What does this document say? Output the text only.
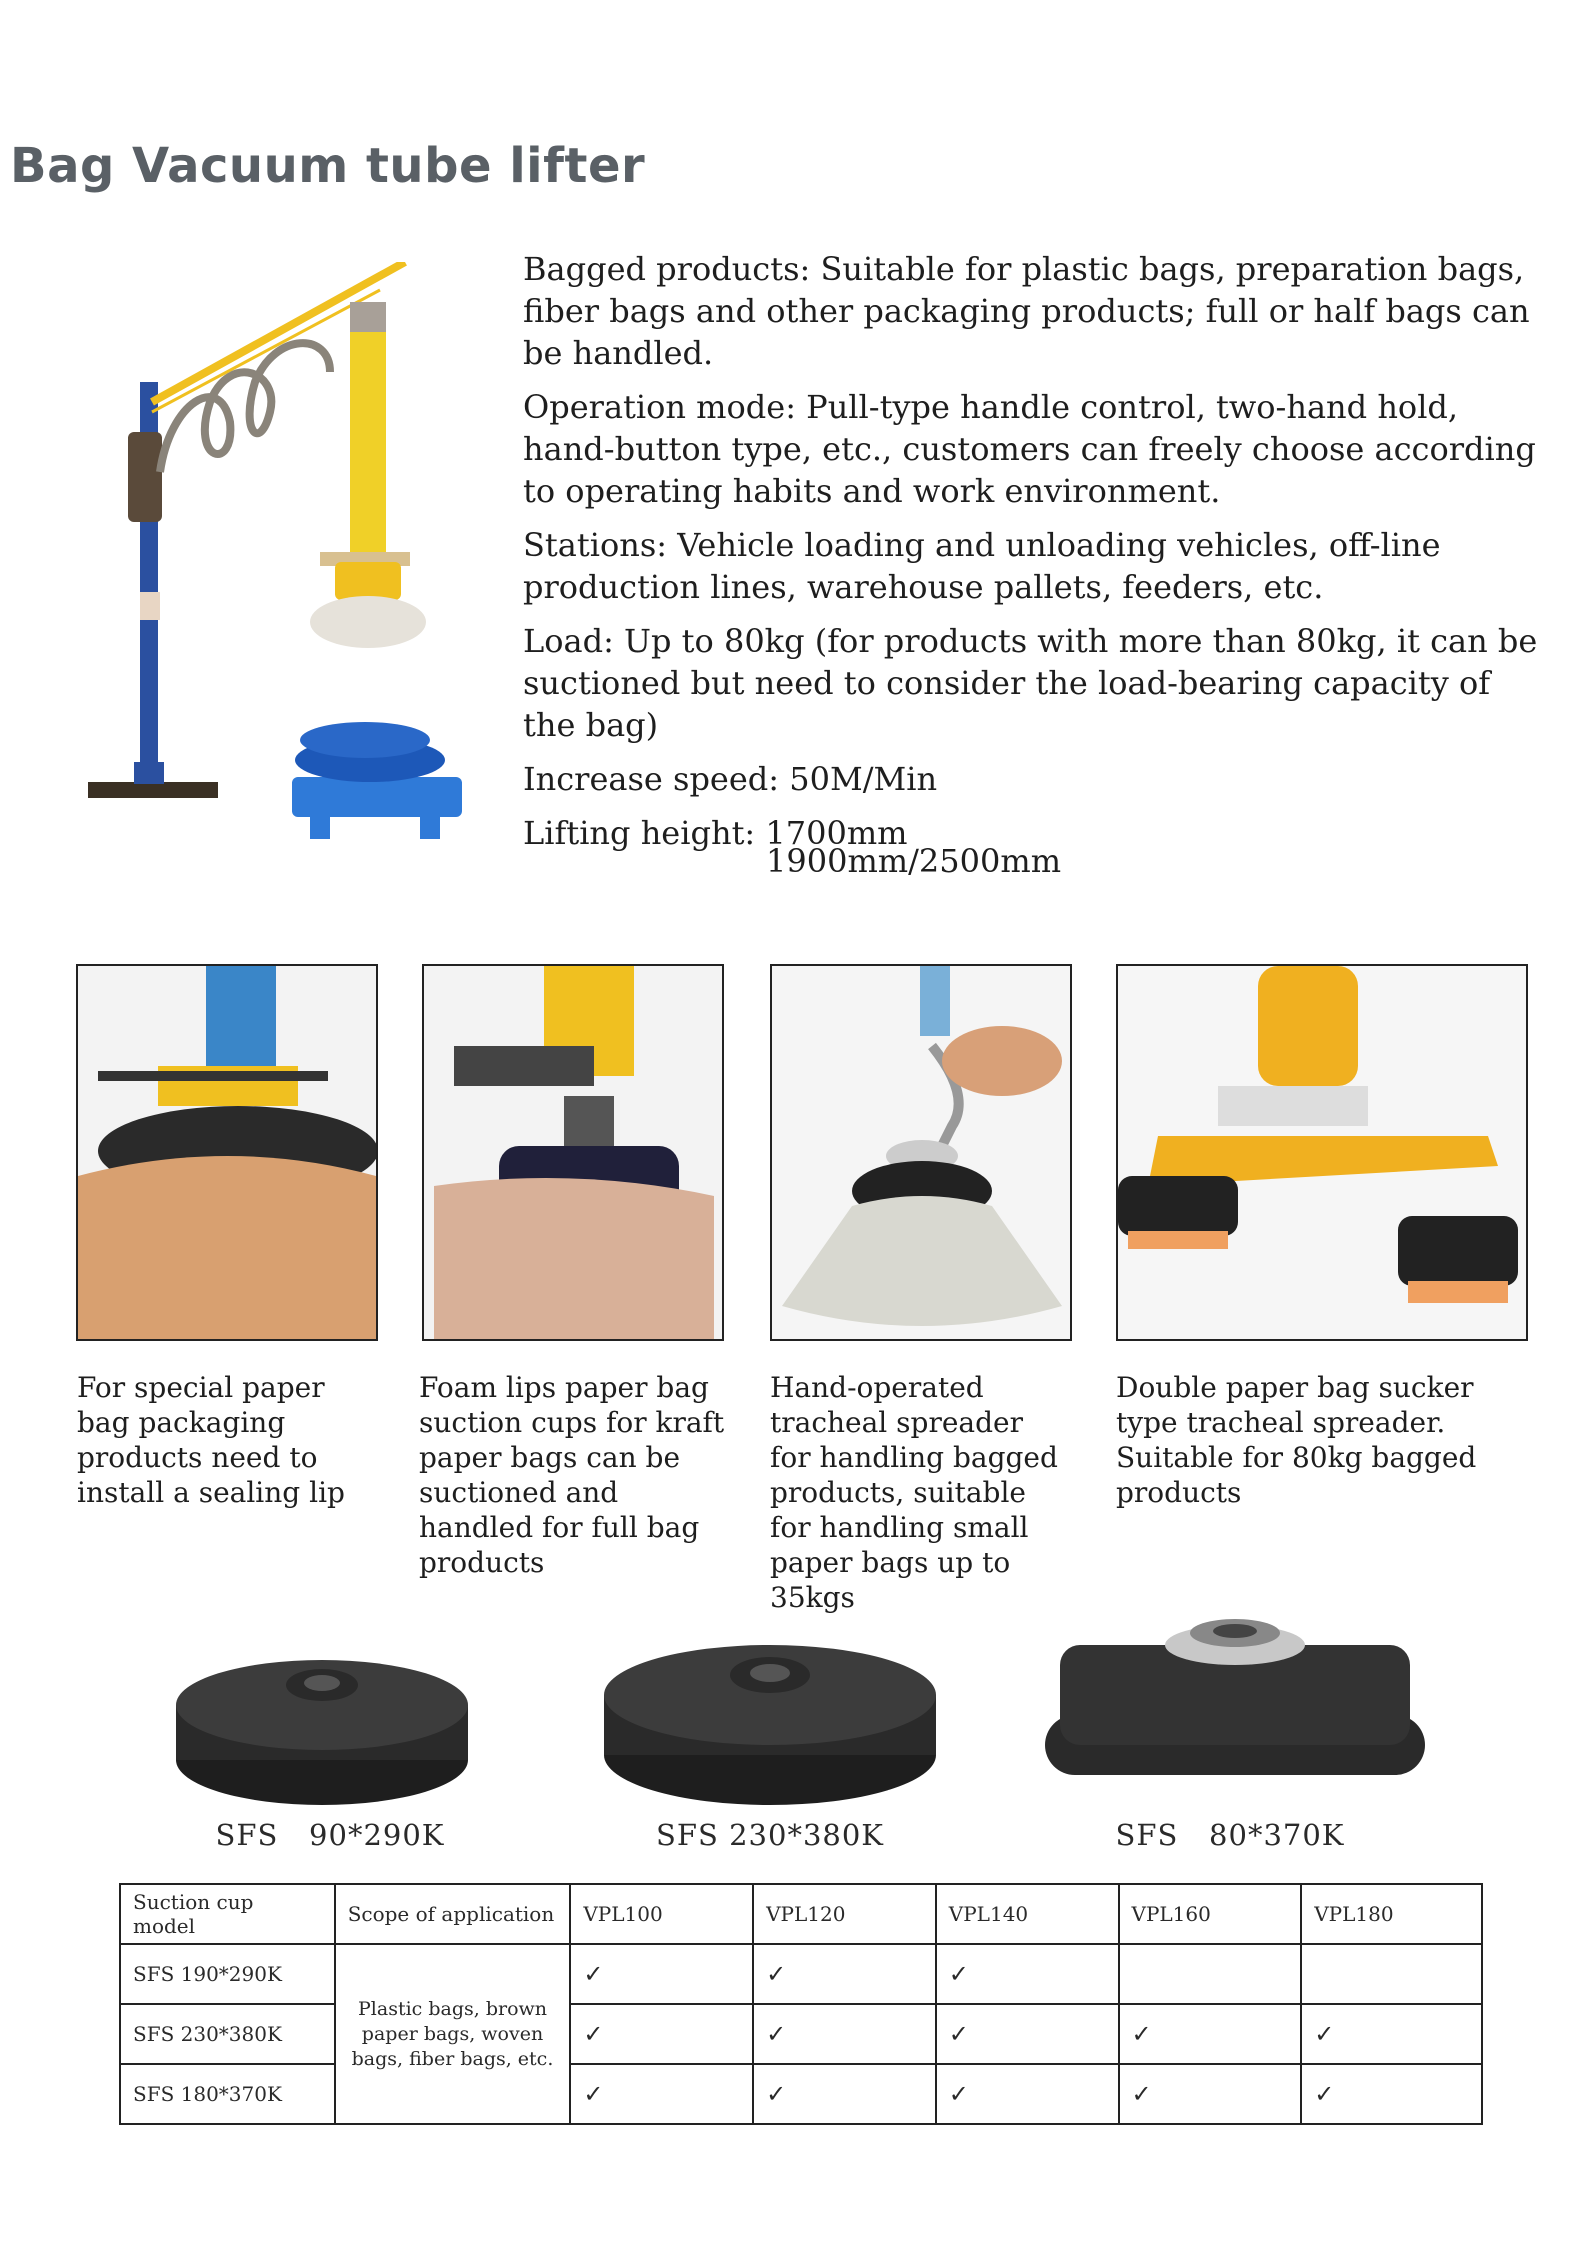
Bag Vacuum tube lifter

Bagged products: Suitable for plastic bags, preparation bags, fiber bags and other packaging products; full or half bags can be handled.

Operation mode: Pull-type handle control, two-hand hold, hand-button type, etc., customers can freely choose according to operating habits and work environment.

Stations: Vehicle loading and unloading vehicles, off-line production lines, warehouse pallets, feeders, etc.

Load: Up to 80kg (for products with more than 80kg, it can be suctioned but need to consider the load-bearing capacity of the bag)

Increase speed: 50M/Min

Lifting height: 1700mm
1900mm/2500mm

For special paper bag packaging products need to install a sealing lip
Foam lips paper bag suction cups for kraft paper bags can be suctioned and handled for full bag products
Hand-operated tracheal spreader for handling bagged products, suitable for handling small paper bags up to 35kgs
Double paper bag sucker type tracheal spreader. Suitable for 80kg bagged products
SFS   90*290K	SFS 230*380K	SFS   80*370K
Suction cup model	Scope of application	VPL100	VPL120	VPL140	VPL160	VPL180
SFS 190*290K	Plastic bags, brown paper bags, woven bags, fiber bags, etc.	✓	✓	✓		
SFS 230*380K		✓	✓	✓	✓	✓
SFS 180*370K		✓	✓	✓	✓	✓
